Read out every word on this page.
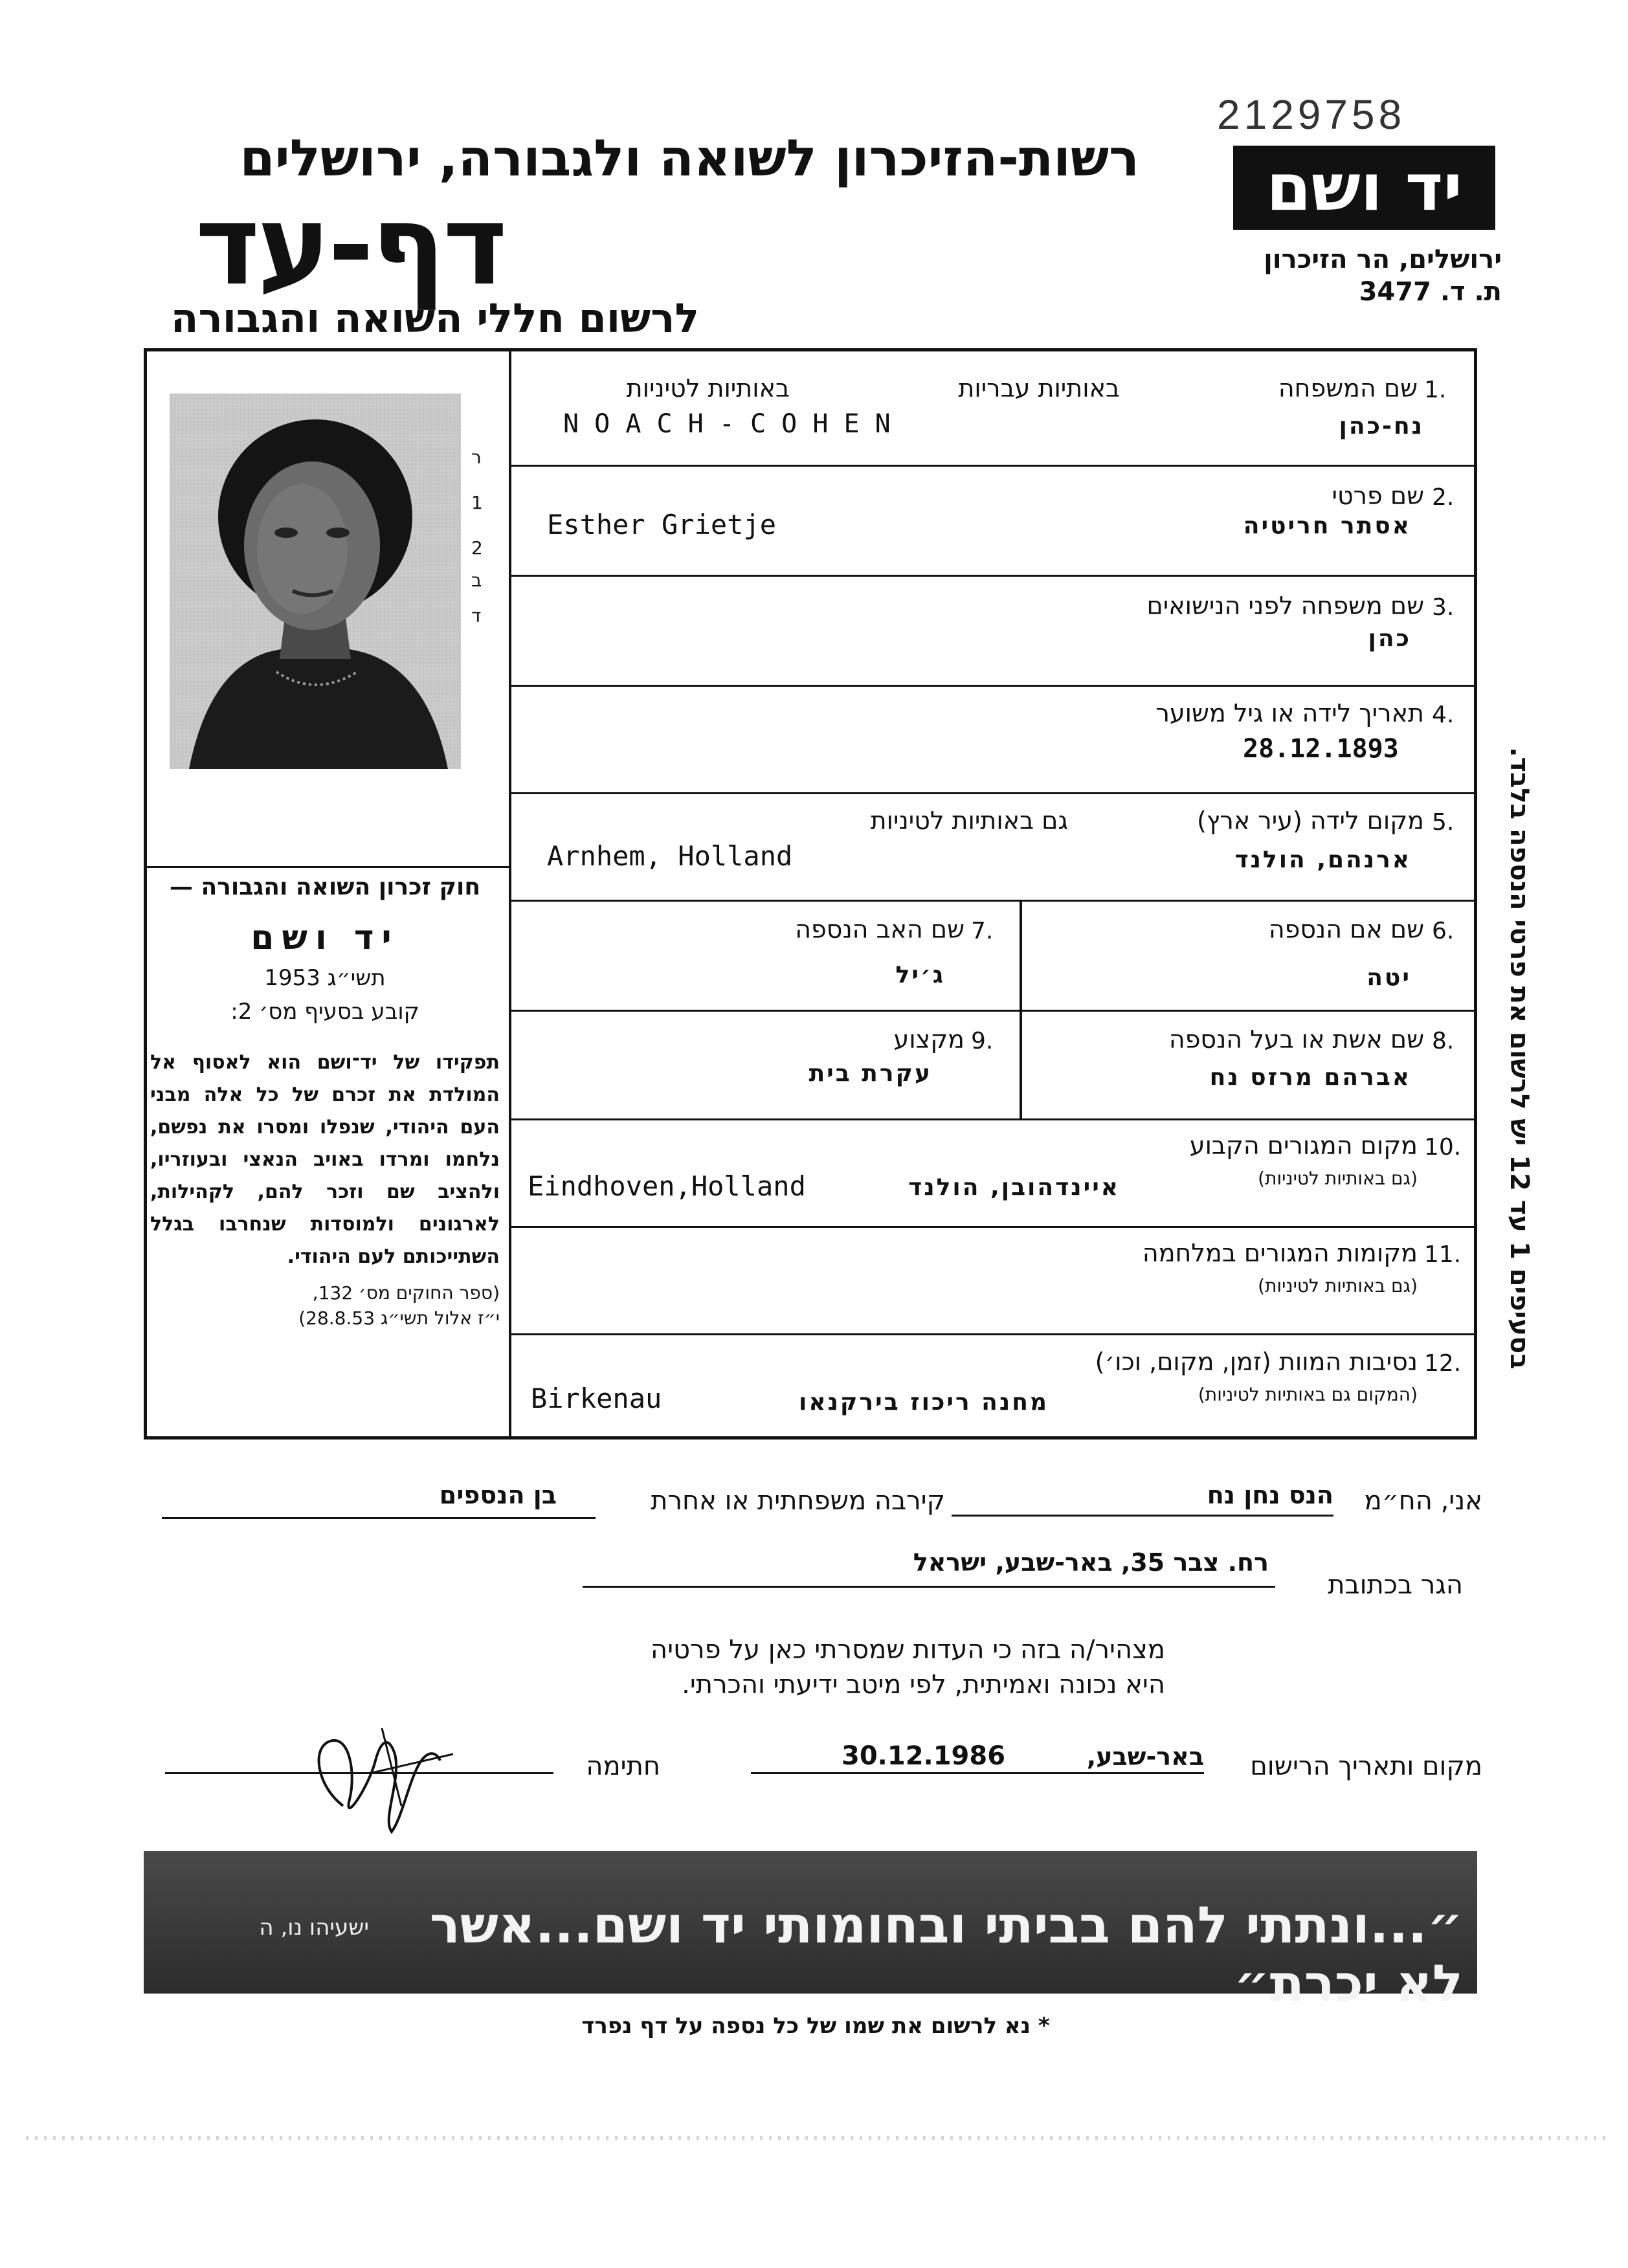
2129758
יד ושם
ירושלים, הר הזיכרון
ת. ד. 3477
רשות-הזיכרון לשואה ולגבורה, ירושלים
דף-עד
לרשום חללי השואה והגבורה
ר
1
2
ב
ד
1.
שם המשפחה
באותיות עבריות
באותיות לטיניות
נח-כהן
N O A C H - C O H E N
2.
שם פרטי
אסתר חריטיה
Esther Grietje
3.
שם משפחה לפני הנישואים
כהן
4.
תאריך לידה או גיל משוער
28.12.1893
5.
מקום לידה (עיר ארץ)
גם באותיות לטיניות
ארנהם, הולנד
Arnhem, Holland
6.
שם אם הנספה
יטה
7.
שם האב הנספה
ג׳יל
8.
שם אשת או בעל הנספה
אברהם מרזס נח
9.
מקצוע
עקרת בית
10.
מקום המגורים הקבוע
(גם באותיות לטיניות)
איינדהובן, הולנד
Eindhoven,Holland
11.
מקומות המגורים במלחמה
(גם באותיות לטיניות)
12.
נסיבות המוות (זמן, מקום, וכו׳)
(המקום גם באותיות לטיניות)
מחנה ריכוז בירקנאו
Birkenau
חוק זכרון השואה והגבורה —
יד ושם
תשי״ג 1953
קובע בסעיף מס׳ 2:
תפקידו של יד־ושם הוא לאסוף אל המולדת את זכרם של כל אלה מבני העם היהודי, שנפלו ומסרו את נפשם, נלחמו ומרדו באויב הנאצי ובעוזריו, ולהציב שם וזכר להם, לקהילות, לארגונים ולמוסדות שנחרבו בגלל השתייכותם לעם היהודי.
(ספר החוקים מס׳ 132,
י״ז אלול תשי״ג 28.8.53)
בסעיפים 1 עד 12 יש לרשום את פרטי הנספה בלבד.
אני, הח״מ
הנס נחן נח
קירבה משפחתית או אחרת
בן הנספים
הגר בכתובת
רח. צבר 35, באר-שבע, ישראל
מצהיר/ה בזה כי העדות שמסרתי כאן על פרטיה
היא נכונה ואמיתית, לפי מיטב ידיעתי והכרתי.
מקום ותאריך הרישום
באר-שבע,
30.12.1986
חתימה
״...ונתתי להם בביתי ובחומותי יד ושם...אשר לא יכרת״
ישעיהו נו, ה
* נא לרשום את שמו של כל נספה על דף נפרד
